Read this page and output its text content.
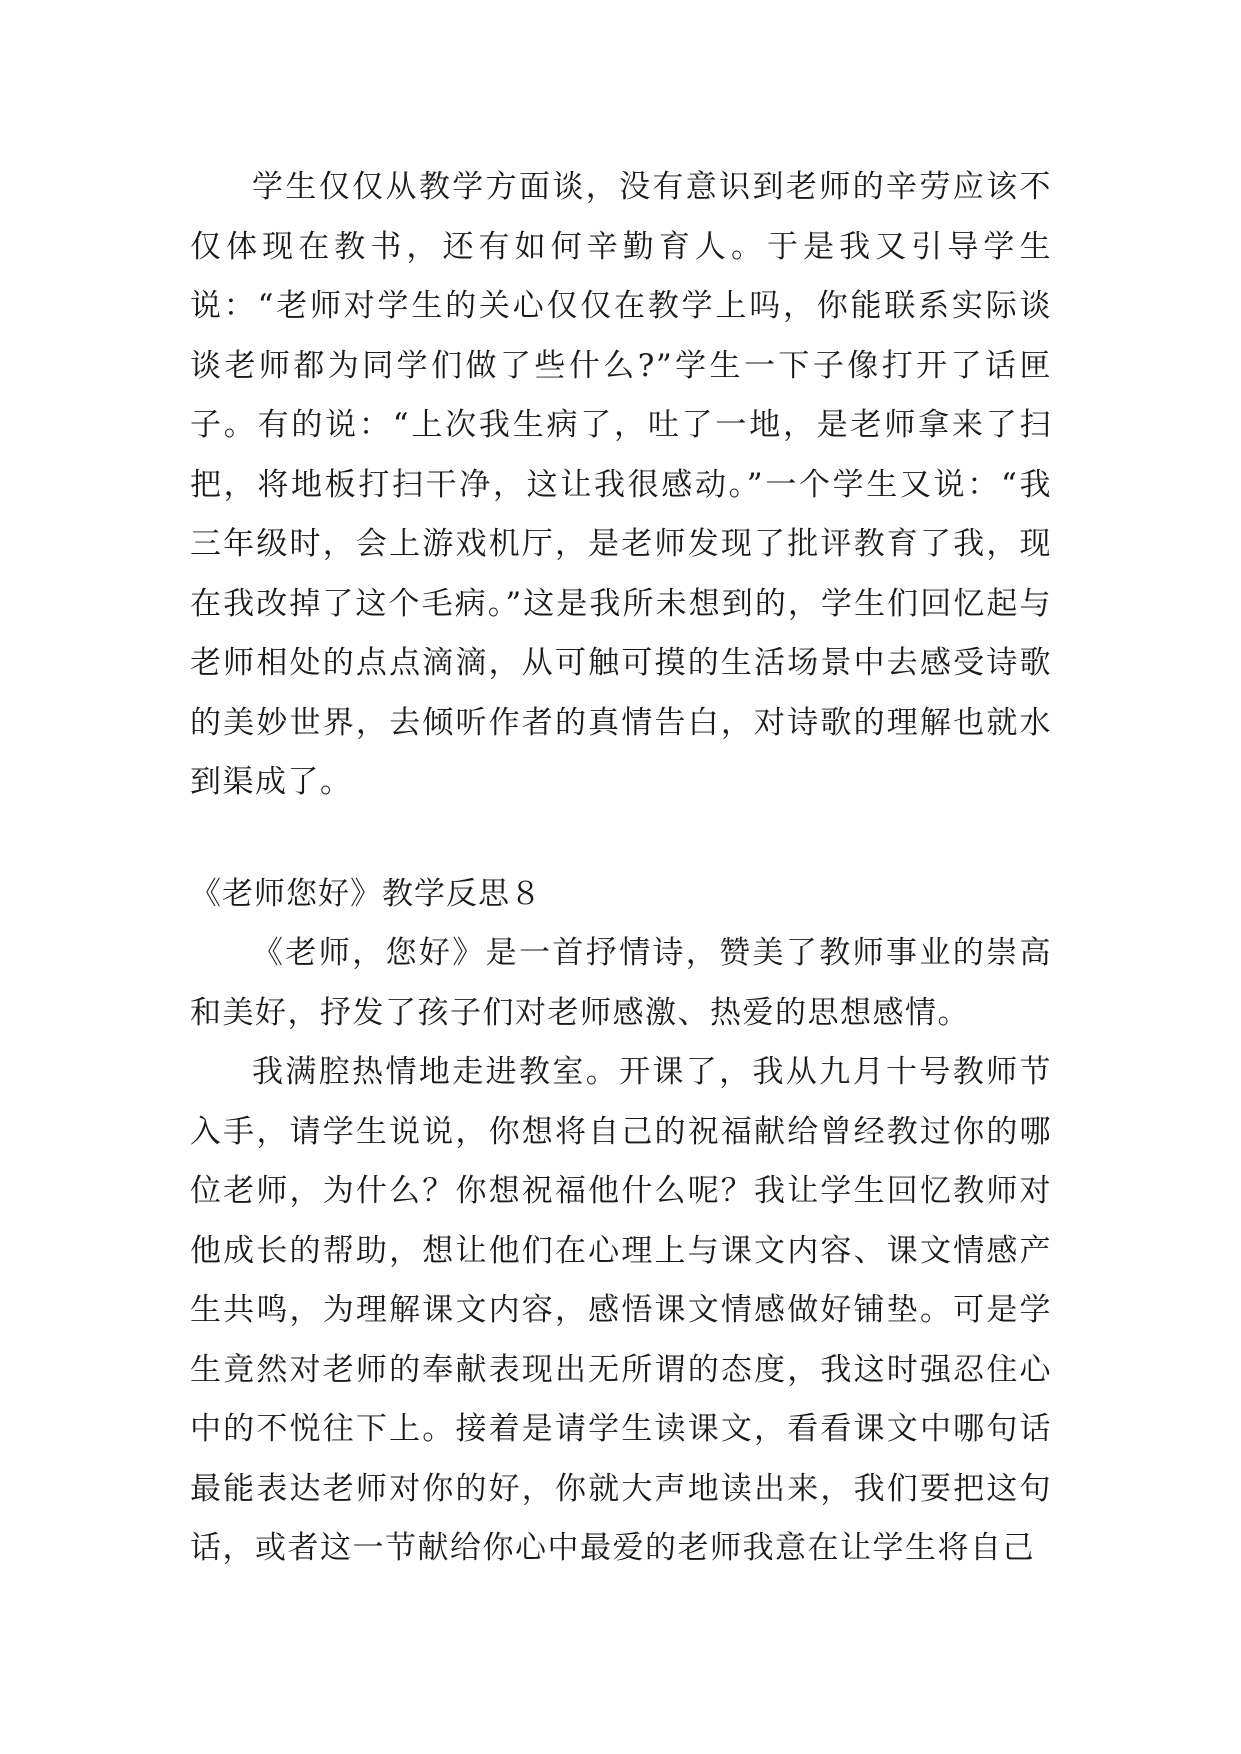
学生仅仅从教学方面谈，没有意识到老师的辛劳应该不仅体现在教书，还有如何辛勤育人。于是我又引导学生说：“老师对学生的关心仅仅在教学上吗，你能联系实际谈谈老师都为同学们做了些什么?”学生一下子像打开了话匣子。有的说：“上次我生病了，吐了一地，是老师拿来了扫把，将地板打扫干净，这让我很感动。”一个学生又说：“我三年级时，会上游戏机厅，是老师发现了批评教育了我，现在我改掉了这个毛病。”这是我所未想到的，学生们回忆起与老师相处的点点滴滴，从可触可摸的生活场景中去感受诗歌的美妙世界，去倾听作者的真情告白，对诗歌的理解也就水到渠成了。

《老师您好》教学反思８

《老师，您好》是一首抒情诗，赞美了教师事业的崇高和美好，抒发了孩子们对老师感激、热爱的思想感情。

我满腔热情地走进教室。开课了，我从九月十号教师节入手，请学生说说，你想将自己的祝福献给曾经教过你的哪位老师，为什么？你想祝福他什么呢？我让学生回忆教师对他成长的帮助，想让他们在心理上与课文内容、课文情感产生共鸣，为理解课文内容，感悟课文情感做好铺垫。可是学生竟然对老师的奉献表现出无所谓的态度，我这时强忍住心中的不悦往下上。接着是请学生读课文，看看课文中哪句话最能表达老师对你的好，你就大声地读出来，我们要把这句话，或者这一节献给你心中最爱的老师我意在让学生将自己
